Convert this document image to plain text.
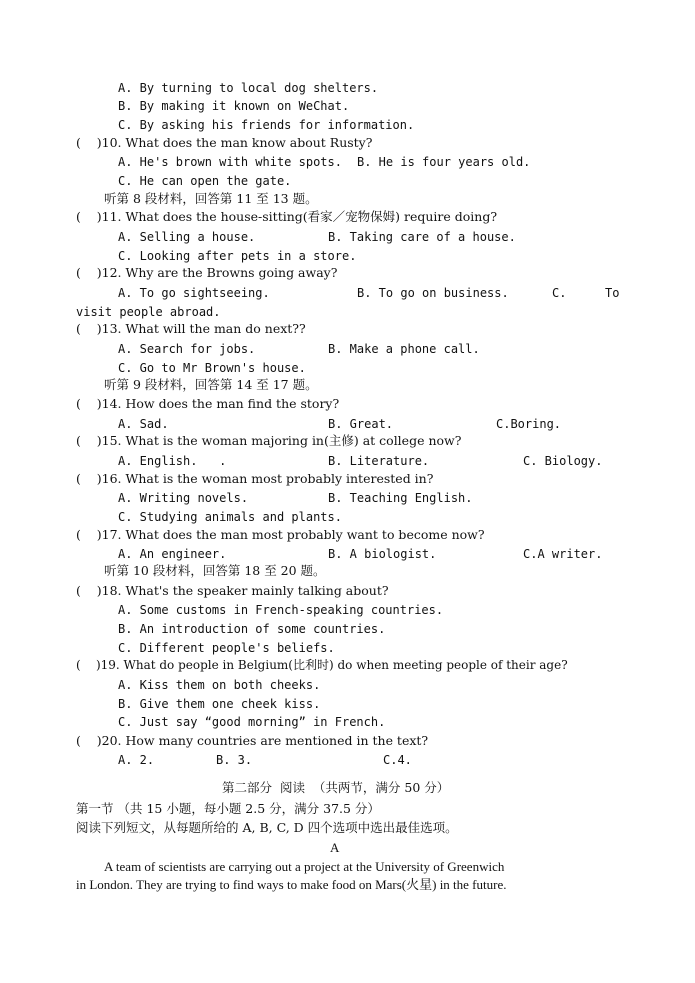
A. By turning to local dog shelters.
B. By making it known on WeChat.
C. By asking his friends for information.
(    )10. What does the man know about Rusty?
A. He's brown with white spots. B. He is four years old.
C. He can open the gate.
听第 8 段材料，回答第 11 至 13 题。
(    )11. What does the house-sitting(看家／宠物保姆) require doing?
A. Selling a house.	B. Taking care of a house.
C. Looking after pets in a store.
(    )12. Why are the Browns going away?
A. To go sightseeing.	B. To go on business.	C.	To
visit people abroad.
(    )13. What will the man do next??
A. Search for jobs.	B. Make a phone call.
C. Go to Mr Brown's house.
听第 9 段材料，回答第 14 至 17 题。
(    )14. How does the man find the story?
A. Sad.	B. Great.	C.Boring.
(    )15. What is the woman majoring in(主修) at college now?
A. English.   .	B. Literature.	C. Biology.
(    )16. What is the woman most probably interested in?
A. Writing novels.	B. Teaching English.
C. Studying animals and plants.
(    )17. What does the man most probably want to become now?
A. An engineer.	B. A biologist.	C.A writer.
听第 10 段材料，回答第 18 至 20 题。
(    )18. What's the speaker mainly talking about?
A. Some customs in French-speaking countries.
B. An introduction of some countries.
C. Different people's beliefs.
(    )19. What do people in Belgium(比利时) do when meeting people of their age?
A. Kiss them on both cheeks.
B. Give them one cheek kiss.
C. Just say “good morning” in French.
(    )20. How many countries are mentioned in the text?
A. 2.	B. 3.	C.4.
第二部分  阅读  （共两节，满分 50 分）
第一节 （共 15 小题，每小题 2.5 分，满分 37.5 分）
阅读下列短文，从每题所给的 A, B, C, D 四个选项中选出最佳选项。
A
A team of scientists are carrying out a project at the University of Greenwich
in London. They are trying to find ways to make food on Mars(火星) in the future.
